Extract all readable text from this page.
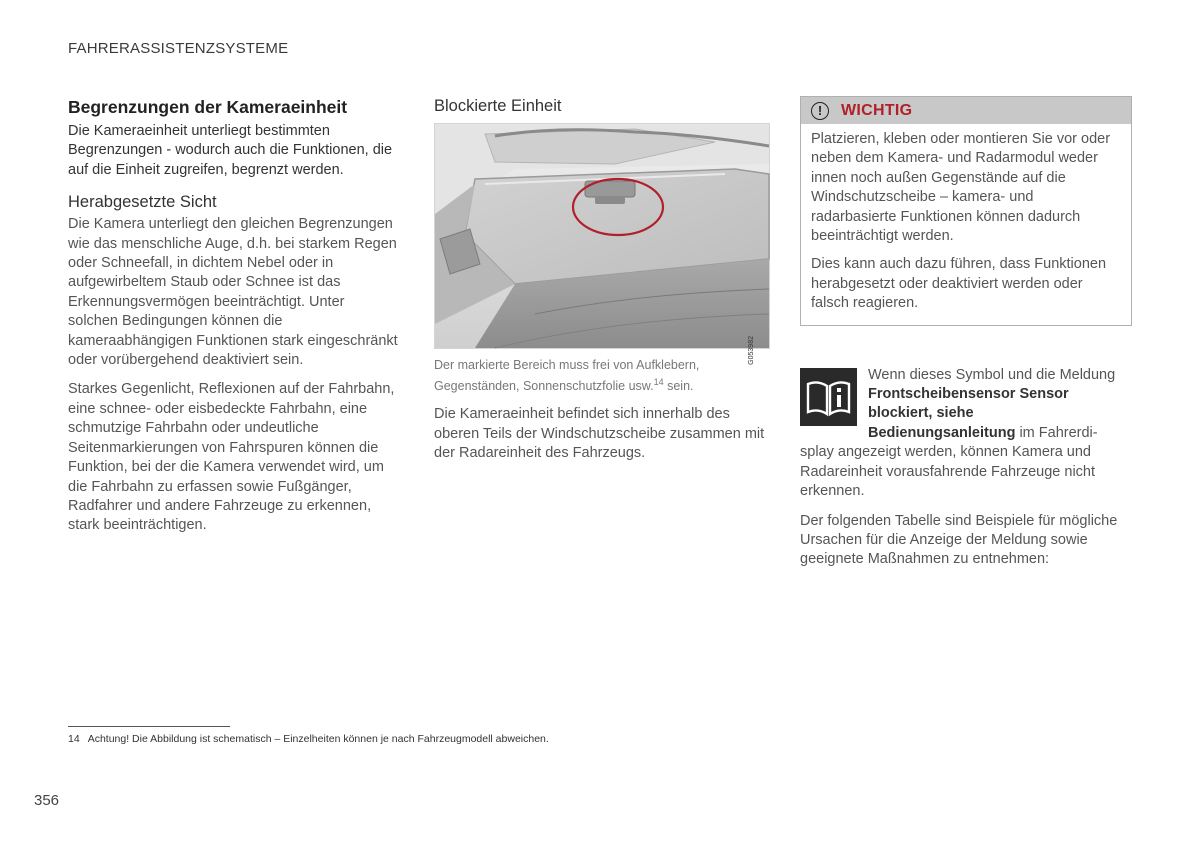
FAHRERASSISTENZSYSTEME
Begrenzungen der Kameraeinheit
Die Kameraeinheit unterliegt bestimmten Begrenzungen - wodurch auch die Funktionen, die auf die Einheit zugreifen, begrenzt werden.
Herabgesetzte Sicht
Die Kamera unterliegt den gleichen Begrenzungen wie das menschliche Auge, d.h. bei starkem Regen oder Schneefall, in dichtem Nebel oder in aufgewirbeltem Staub oder Schnee ist das Erkennungsvermögen beeinträchtigt. Unter solchen Bedingungen können die kameraabhängigen Funktionen stark eingeschränkt oder vorübergehend deaktiviert sein.
Starkes Gegenlicht, Reflexionen auf der Fahrbahn, eine schnee- oder eisbedeckte Fahrbahn, eine schmutzige Fahrbahn oder undeutliche Seitenmarkierungen von Fahrspuren können die Funktion, bei der die Kamera verwendet wird, um die Fahrbahn zu erfassen sowie Fußgänger, Radfahrer und andere Fahrzeuge zu erkennen, stark beeinträchtigen.
Blockierte Einheit
G053982
Der markierte Bereich muss frei von Aufklebern, Gegenständen, Sonnenschutzfolie usw.$^{14}$ sein.
Die Kameraeinheit befindet sich innerhalb des oberen Teils der Windschutzscheibe zusammen mit der Radareinheit des Fahrzeugs.
!	WICHTIG
Platzieren, kleben oder montieren Sie vor oder neben dem Kamera- und Radarmodul weder innen noch außen Gegenstände auf die Windschutzscheibe – kamera- und radarbasierte Funktionen können dadurch beeinträchtigt werden.
Dies kann auch dazu führen, dass Funktionen herabgesetzt oder deaktiviert werden oder falsch reagieren.
Wenn dieses Symbol und die Meldung
Frontscheibensensor Sensor
blockiert, siehe
Bedienungsanleitung im Fahrerdi-
splay angezeigt werden, können Kamera und Radareinheit vorausfahrende Fahrzeuge nicht erkennen.
Der folgenden Tabelle sind Beispiele für mögliche Ursachen für die Anzeige der Meldung sowie geeignete Maßnahmen zu entnehmen:
14 Achtung! Die Abbildung ist schematisch – Einzelheiten können je nach Fahrzeugmodell abweichen.
356
